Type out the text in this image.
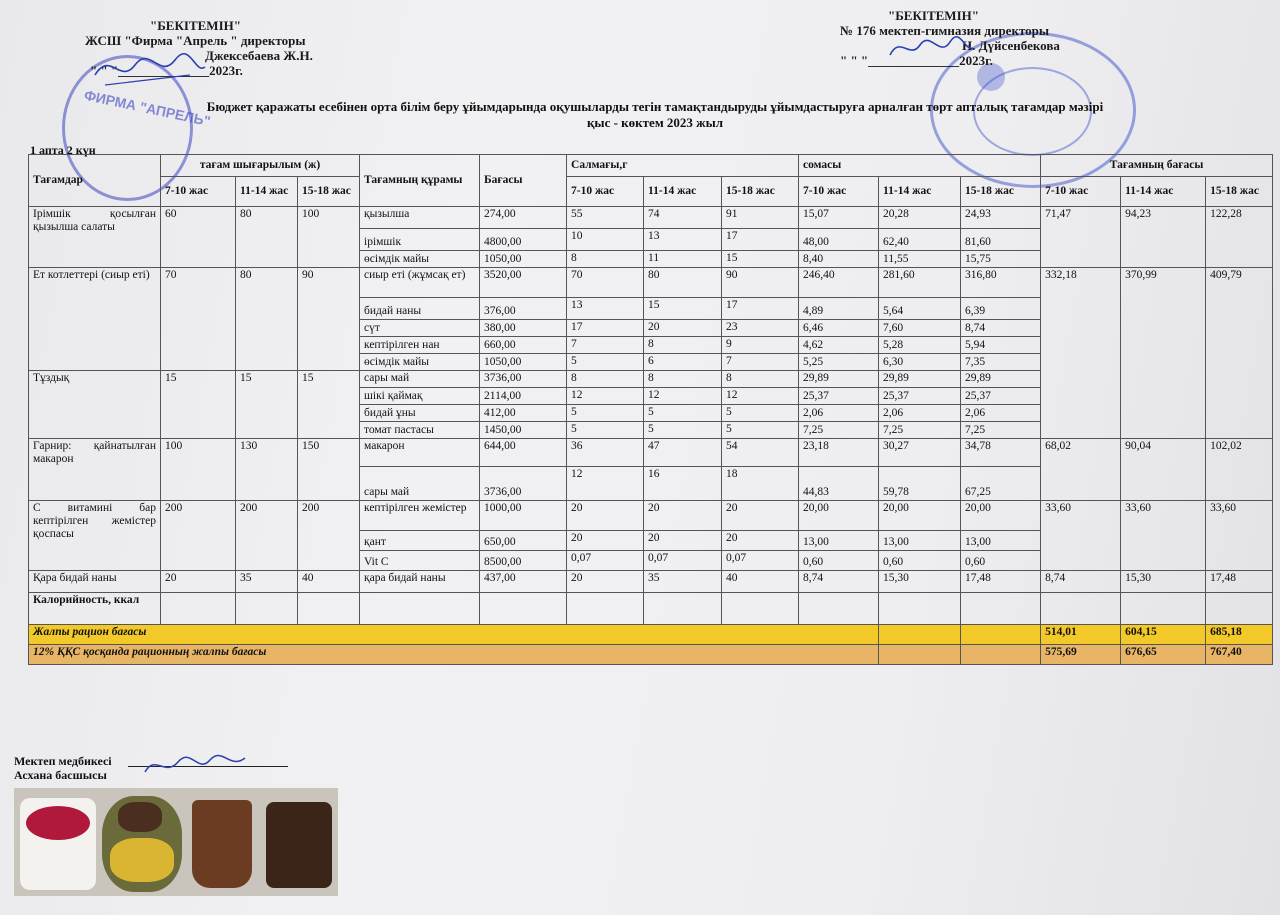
ФИРМА "АПРЕЛЬ"
"БЕКІТЕМІН"
ЖСШ "Фирма "Апрель " директоры
Джексебаева Ж.Н.
" " "______________2023г.
"БЕКІТЕМІН"
№ 176 мектеп-гимназия директоры
Н. Дүйсенбекова
" " "______________2023г.
Бюджет қаражаты есебінен орта білім беру ұйымдарында оқушыларды тегін тамақтандыруды ұйымдастыруға арналған төрт апталық тағамдар мәзірі
қыс - көктем 2023 жыл
1 апта 2 күн
Тағамдар	тағам шығарылым (ж)			Тағамның құрамы	Бағасы	Салмағы,г			сомасы			Тағамның бағасы		
	7-10 жас	11-14 жас	15-18 жас			7-10 жас	11-14 жас	15-18 жас	7-10 жас	11-14 жас	15-18 жас	7-10 жас	11-14 жас	15-18 жас
Ірімшік қосылған қызылша салаты	60	80	100	қызылша	274,00	55	74	91	15,07	20,28	24,93	71,47	94,23	122,28
				ірімшік	4800,00	10	13	17	48,00	62,40	81,60			
				өсімдік майы	1050,00	8	11	15	8,40	11,55	15,75			
Ет котлеттері (сиыр еті)	70	80	90	сиыр еті (жұмсақ ет)	3520,00	70	80	90	246,40	281,60	316,80	332,18	370,99	409,79
				бидай наны	376,00	13	15	17	4,89	5,64	6,39			
				сүт	380,00	17	20	23	6,46	7,60	8,74			
				кептірілген нан	660,00	7	8	9	4,62	5,28	5,94			
				өсімдік майы	1050,00	5	6	7	5,25	6,30	7,35			
Тұздық	15	15	15	сары май	3736,00	8	8	8	29,89	29,89	29,89			
				шікі қаймақ	2114,00	12	12	12	25,37	25,37	25,37			
				бидай ұны	412,00	5	5	5	2,06	2,06	2,06			
				томат пастасы	1450,00	5	5	5	7,25	7,25	7,25			
Гарнир: қайнатылған макарон	100	130	150	макарон	644,00	36	47	54	23,18	30,27	34,78	68,02	90,04	102,02
				сары май	3736,00	12	16	18	44,83	59,78	67,25			
С витамині бар кептірілген жемістер қоспасы	200	200	200	кептірілген жемістер	1000,00	20	20	20	20,00	20,00	20,00	33,60	33,60	33,60
				қант	650,00	20	20	20	13,00	13,00	13,00			
				Vit C	8500,00	0,07	0,07	0,07	0,60	0,60	0,60			
Қара бидай наны	20	35	40	қара бидай наны	437,00	20	35	40	8,74	15,30	17,48	8,74	15,30	17,48
Калорийность, ккал														
Жалпы рацион бағасы												514,01	604,15	685,18
12% ҚҚС қосқанда рационның жалпы бағасы												575,69	676,65	767,40
Мектеп медбикесі
Асхана басшысы
